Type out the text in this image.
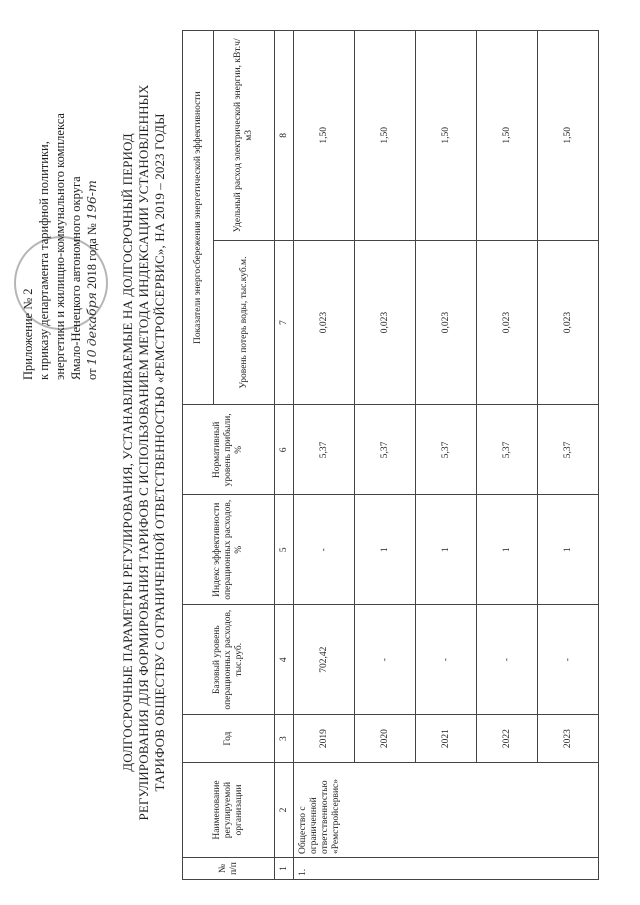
Приложение № 2 к приказу департамента тарифной политики, энергетики и жилищно-коммунального комплекса Ямало-Ненецкого автономного округа от 10 декабря 2018 года № 196-т ДОЛГОСРОЧНЫЕ ПАРАМЕТРЫ РЕГУЛИРОВАНИЯ, УСТАНАВЛИВАЕМЫЕ НА ДОЛГОСРОЧНЫЙ ПЕРИОД РЕГУЛИРОВАНИЯ ДЛЯ ФОРМИРОВАНИЯ ТАРИФОВ С ИСПОЛЬЗОВАНИЕМ МЕТОДА ИНДЕКСАЦИИ УСТАНОВЛЕННЫХ ТАРИФОВ ОБЩЕСТВУ С ОГРАНИЧЕННОЙ ОТВЕТСТВЕННОСТЬЮ «РЕМСТРОЙСЕРВИС», НА 2019 – 2023 ГОДЫ
№ п/п	Наименование регулируемой организации	Год	Базовый уровень операционных расходов, тыс.руб.	Индекс эффективности операционных расходов, %	Нормативный уровень прибыли, %	Показатели энергосбережения энергетической эффективности	
						Уровень потерь воды, тыс.куб.м.	Удельный расход электрической энергии, кВт.ч/м3
1	2	3	4	5	6	7	8
1.	Общество с ограниченной ответственностью «Ремстройсервис»	2019	702,42	-	5,37	0,023	1,50
		2020	-	1	5,37	0,023	1,50
		2021	-	1	5,37	0,023	1,50
		2022	-	1	5,37	0,023	1,50
		2023	-	1	5,37	0,023	1,50
